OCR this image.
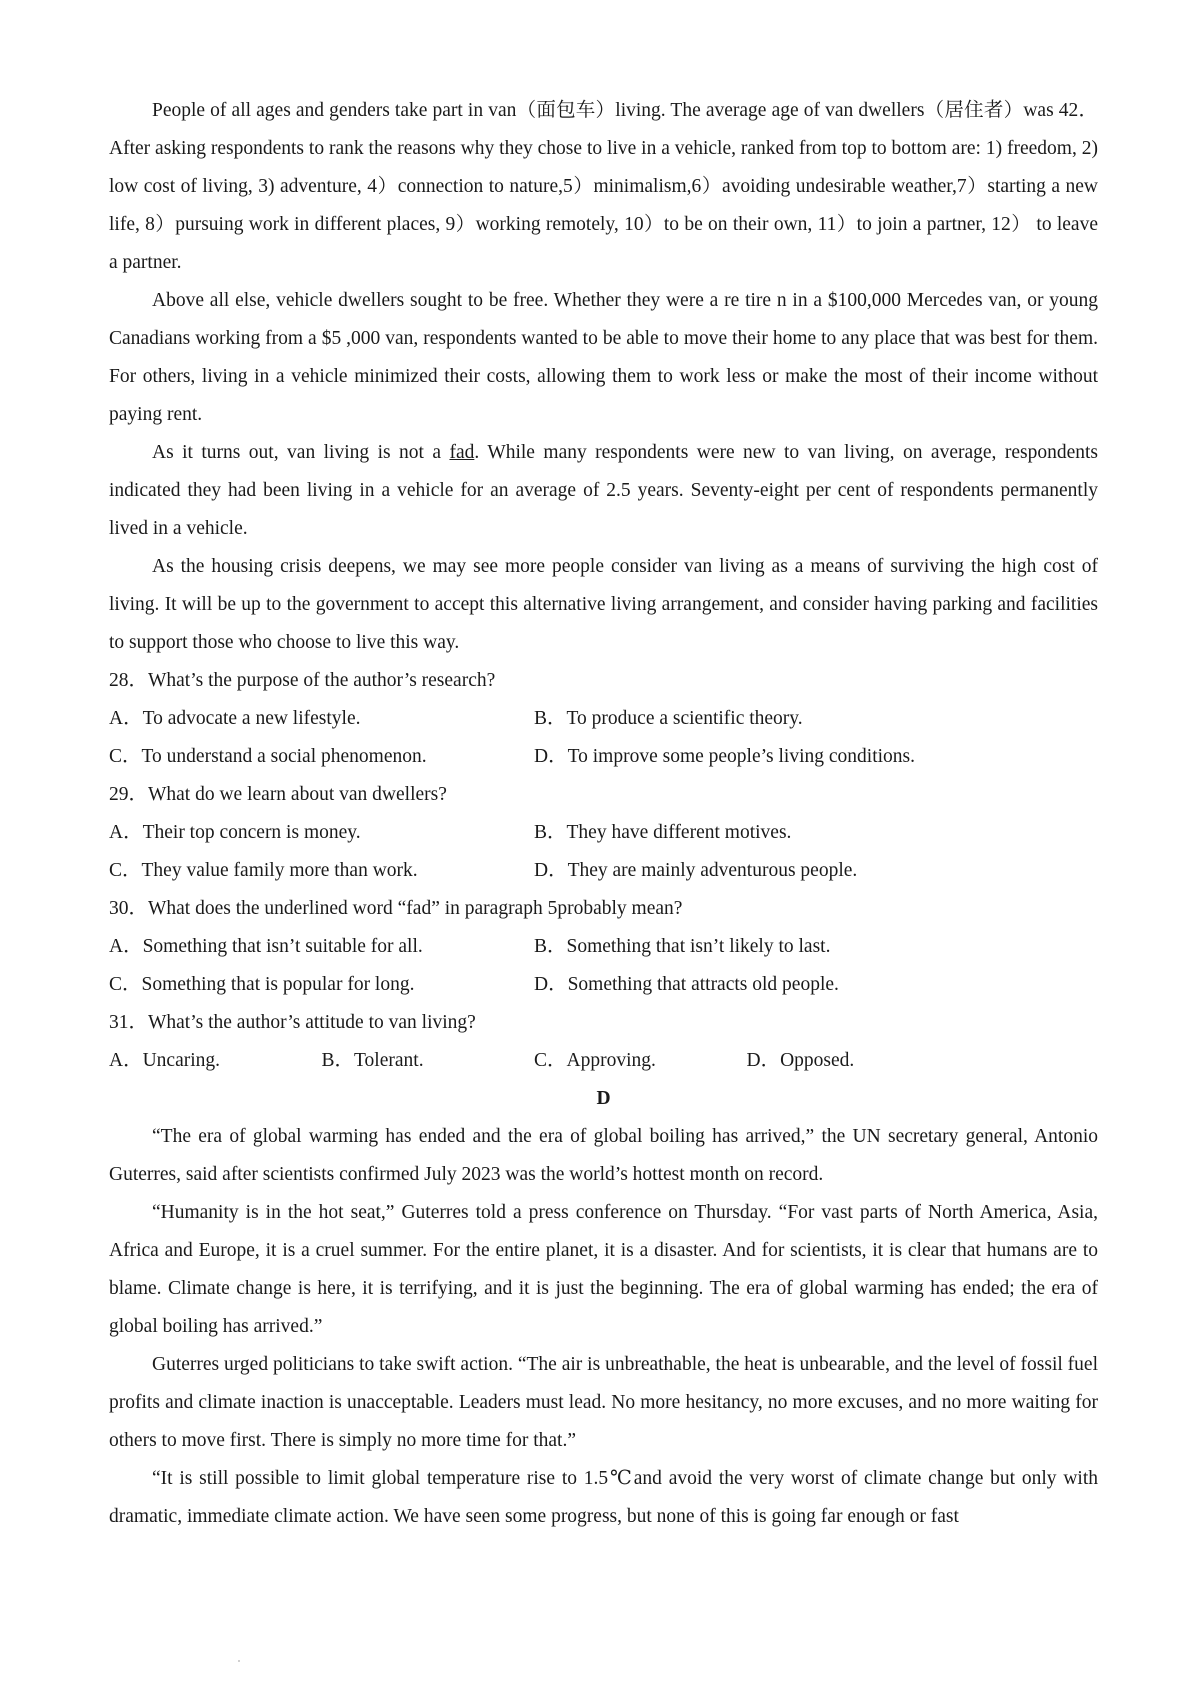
People of all ages and genders take part in van（面包车）living. The average age of van dwellers（居住者）was 42．After asking respondents to rank the reasons why they chose to live in a vehicle, ranked from top to bottom are: 1) freedom, 2) low cost of living, 3) adventure, 4）connection to nature,5）minimalism,6）avoiding undesirable weather,7）starting a new life, 8）pursuing work in different places, 9）working remotely, 10）to be on their own, 11）to join a partner, 12） to leave a partner.

Above all else, vehicle dwellers sought to be free. Whether they were a re tire n in a $100,000 Mercedes van, or young Canadians working from a $5 ,000 van, respondents wanted to be able to move their home to any place that was best for them. For others, living in a vehicle minimized their costs, allowing them to work less or make the most of their income without paying rent.

As it turns out, van living is not a fad. While many respondents were new to van living, on average, respondents indicated they had been living in a vehicle for an average of 2.5 years. Seventy-eight per cent of respondents permanently lived in a vehicle.

As the housing crisis deepens, we may see more people consider van living as a means of surviving the high cost of living. It will be up to the government to accept this alternative living arrangement, and consider having parking and facilities to support those who choose to live this way.

28．What’s the purpose of the author’s research?

A．To advocate a new lifestyle.	B．To produce a scientific theory.
C．To understand a social phenomenon.	D．To improve some people’s living conditions.

29．What do we learn about van dwellers?

A．Their top concern is money.	B．They have different motives.
C．They value family more than work.	D．They are mainly adventurous people.

30．What does the underlined word “fad” in paragraph 5probably mean?

A．Something that isn’t suitable for all.	B．Something that isn’t likely to last.
C．Something that is popular for long.	D．Something that attracts old people.

31．What’s the author’s attitude to van living?

A．Uncaring.	B．Tolerant.	C．Approving.	D．Opposed.

D

“The era of global warming has ended and the era of global boiling has arrived,” the UN secretary general, Antonio Guterres, said after scientists confirmed July 2023 was the world’s hottest month on record.

“Humanity is in the hot seat,” Guterres told a press conference on Thursday. “For vast parts of North America, Asia, Africa and Europe, it is a cruel summer. For the entire planet, it is a disaster. And for scientists, it is clear that humans are to blame. Climate change is here, it is terrifying, and it is just the beginning. The era of global warming has ended; the era of global boiling has arrived.”

Guterres urged politicians to take swift action. “The air is unbreathable, the heat is unbearable, and the level of fossil fuel profits and climate inaction is unacceptable. Leaders must lead. No more hesitancy, no more excuses, and no more waiting for others to move first. There is simply no more time for that.”

“It is still possible to limit global temperature rise to 1.5℃and avoid the very worst of climate change but only with dramatic, immediate climate action. We have seen some progress, but none of this is going far enough or fast
